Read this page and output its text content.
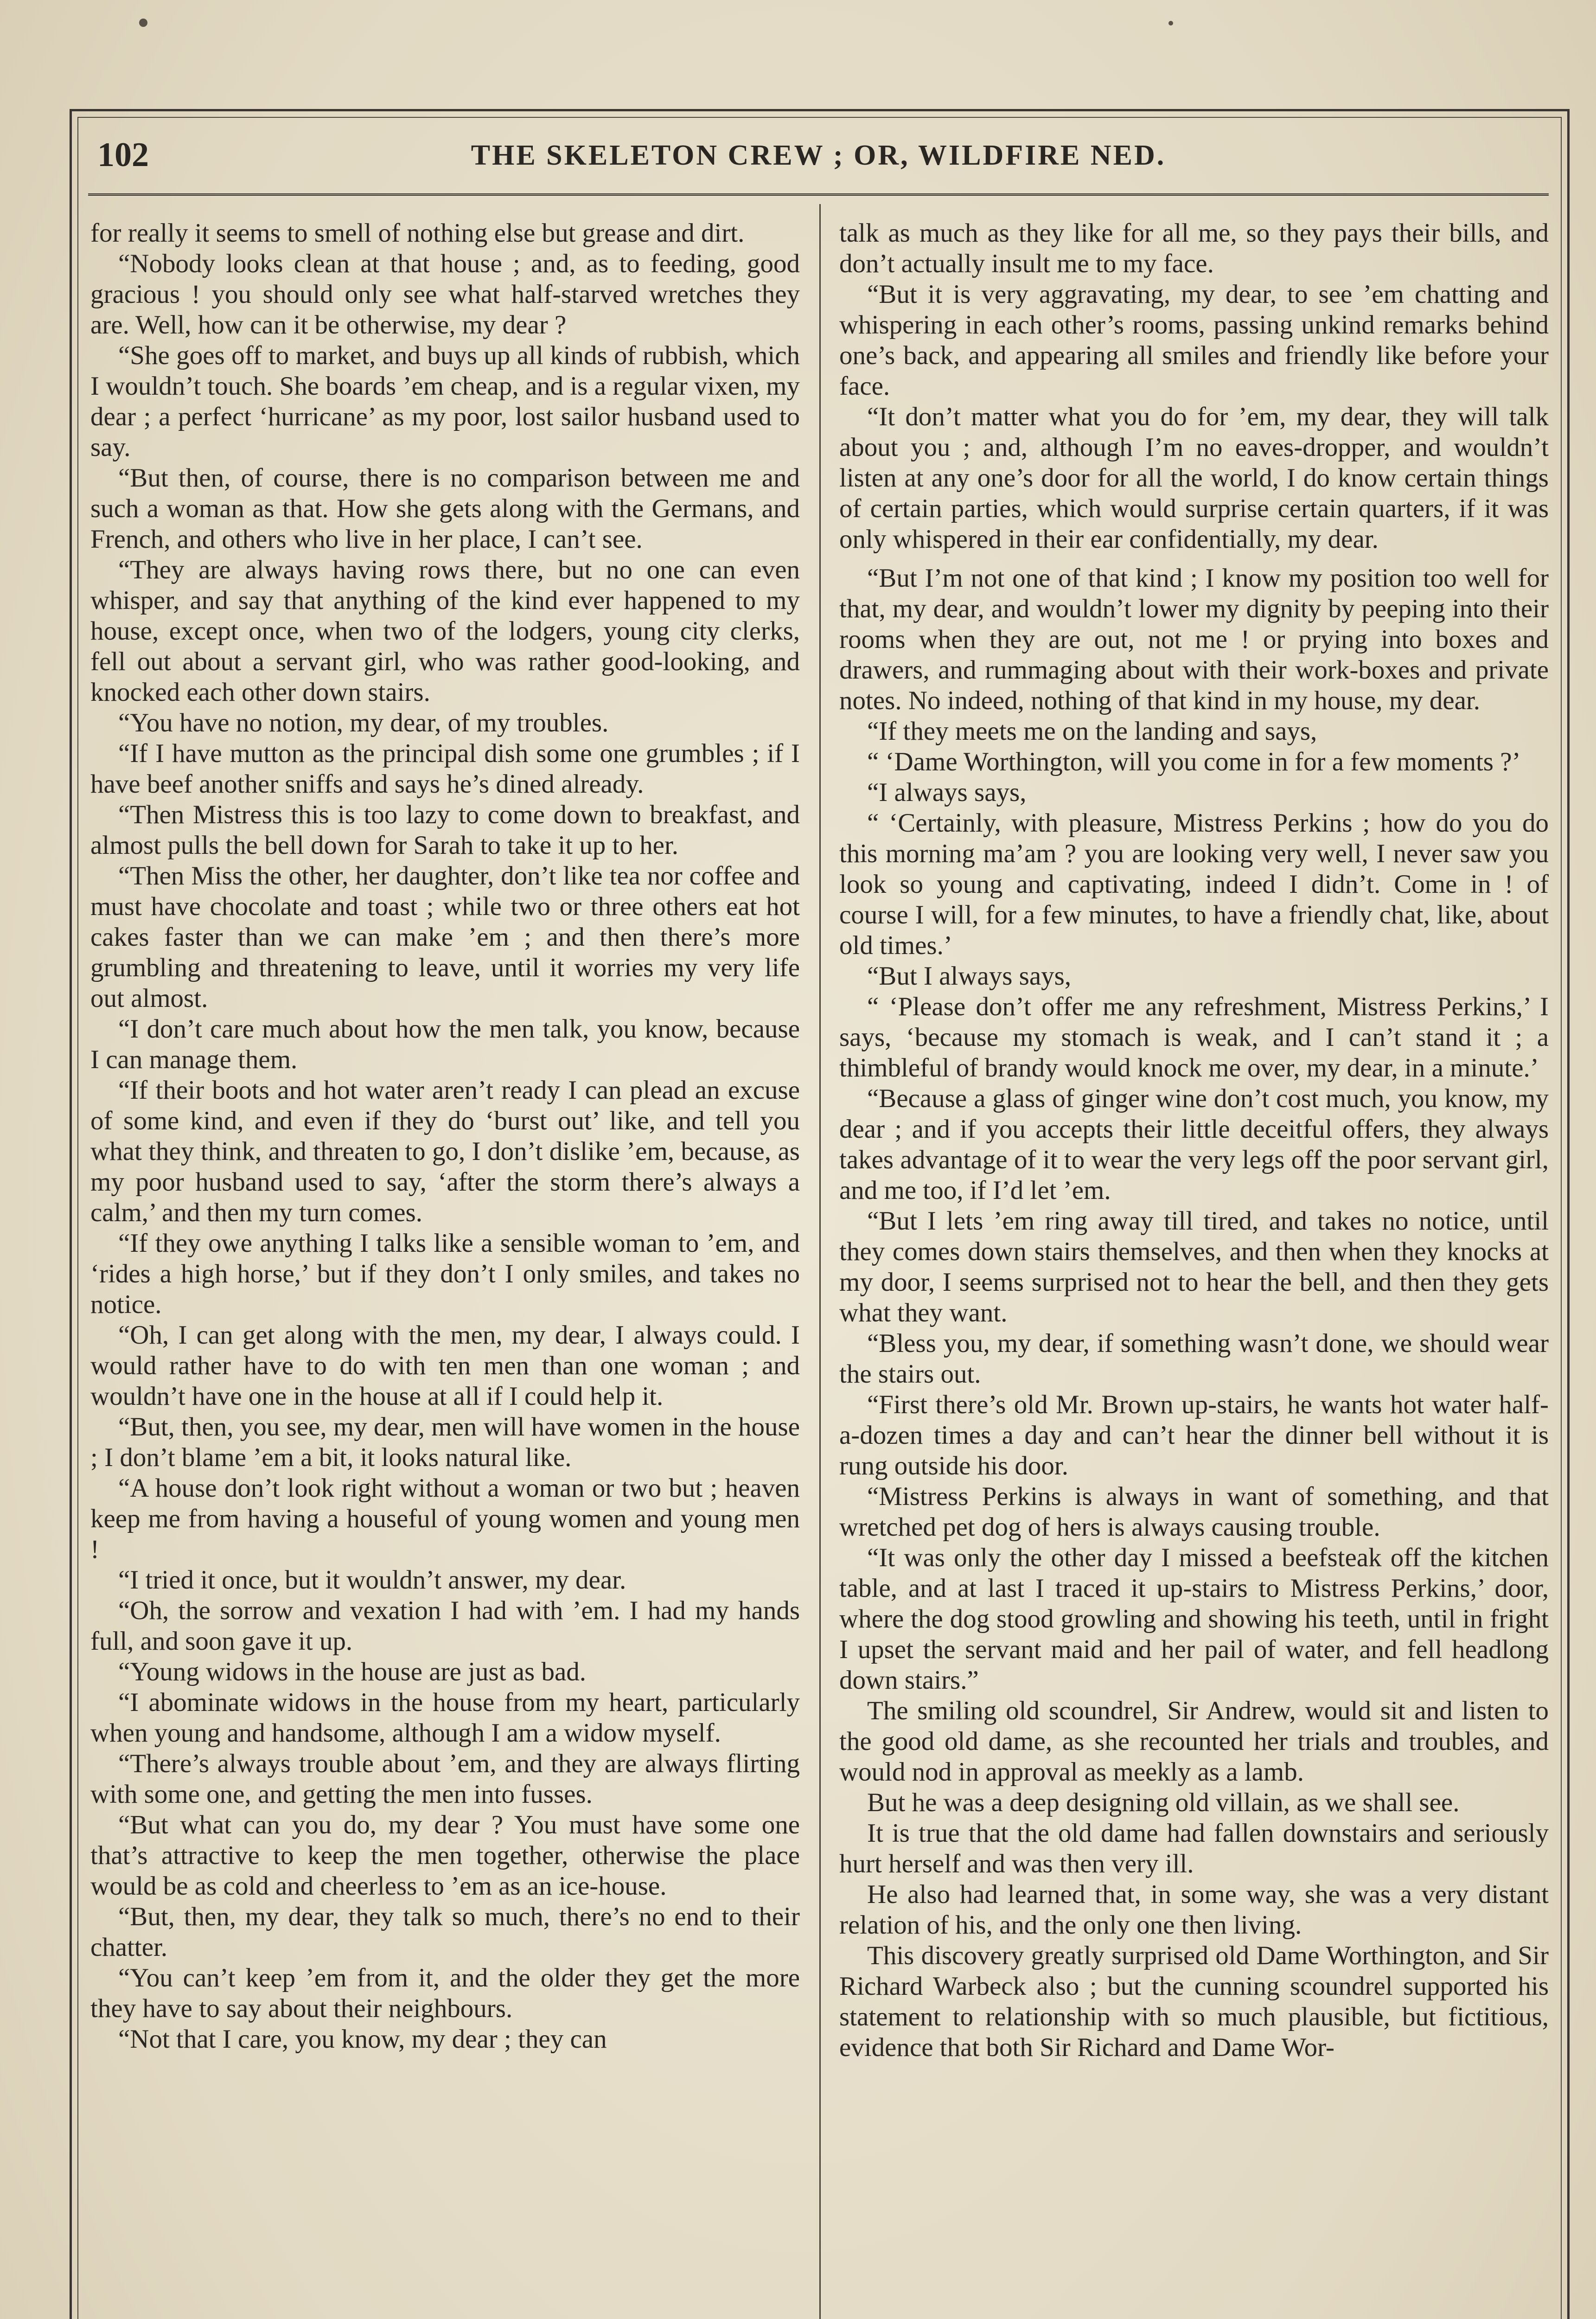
102	THE SKELETON CREW ; OR, WILDFIRE NED.

for really it seems to smell of nothing else but grease and dirt.

“Nobody looks clean at that house ; and, as to feeding, good gracious ! you should only see what half-starved wretches they are. Well, how can it be otherwise, my dear ?

“She goes off to market, and buys up all kinds of rubbish, which I wouldn’t touch. She boards ’em cheap, and is a regular vixen, my dear ; a perfect ‘hurricane’ as my poor, lost sailor husband used to say.

“But then, of course, there is no comparison between me and such a woman as that. How she gets along with the Germans, and French, and others who live in her place, I can’t see.

“They are always having rows there, but no one can even whisper, and say that anything of the kind ever happened to my house, except once, when two of the lodgers, young city clerks, fell out about a servant girl, who was rather good-looking, and knocked each other down stairs.

“You have no notion, my dear, of my troubles.

“If I have mutton as the principal dish some one grumbles ; if I have beef another sniffs and says he’s dined already.

“Then Mistress this is too lazy to come down to breakfast, and almost pulls the bell down for Sarah to take it up to her.

“Then Miss the other, her daughter, don’t like tea nor coffee and must have chocolate and toast ; while two or three others eat hot cakes faster than we can make ’em ; and then there’s more grumbling and threatening to leave, until it worries my very life out almost.

“I don’t care much about how the men talk, you know, because I can manage them.

“If their boots and hot water aren’t ready I can plead an excuse of some kind, and even if they do ‘burst out’ like, and tell you what they think, and threaten to go, I don’t dislike ’em, because, as my poor husband used to say, ‘after the storm there’s always a calm,’ and then my turn comes.

“If they owe anything I talks like a sensible woman to ’em, and ‘rides a high horse,’ but if they don’t I only smiles, and takes no notice.

“Oh, I can get along with the men, my dear, I always could. I would rather have to do with ten men than one woman ; and wouldn’t have one in the house at all if I could help it.

“But, then, you see, my dear, men will have women in the house ; I don’t blame ’em a bit, it looks natural like.

“A house don’t look right without a woman or two but ; heaven keep me from having a houseful of young women and young men !

“I tried it once, but it wouldn’t answer, my dear.

“Oh, the sorrow and vexation I had with ’em. I had my hands full, and soon gave it up.

“Young widows in the house are just as bad.

“I abominate widows in the house from my heart, particularly when young and handsome, although I am a widow myself.

“There’s always trouble about ’em, and they are always flirting with some one, and getting the men into fusses.

“But what can you do, my dear ? You must have some one that’s attractive to keep the men together, otherwise the place would be as cold and cheerless to ’em as an ice-house.

“But, then, my dear, they talk so much, there’s no end to their chatter.

“You can’t keep ’em from it, and the older they get the more they have to say about their neighbours.

“Not that I care, you know, my dear ; they can

talk as much as they like for all me, so they pays their bills, and don’t actually insult me to my face.

“But it is very aggravating, my dear, to see ’em chatting and whispering in each other’s rooms, passing unkind remarks behind one’s back, and appearing all smiles and friendly like before your face.

“It don’t matter what you do for ’em, my dear, they will talk about you ; and, although I’m no eaves-dropper, and wouldn’t listen at any one’s door for all the world, I do know certain things of certain parties, which would surprise certain quarters, if it was only whispered in their ear confidentially, my dear.

“But I’m not one of that kind ; I know my position too well for that, my dear, and wouldn’t lower my dignity by peeping into their rooms when they are out, not me ! or prying into boxes and drawers, and rummaging about with their work-boxes and private notes. No indeed, nothing of that kind in my house, my dear.

“If they meets me on the landing and says,

“ ‘Dame Worthington, will you come in for a few moments ?’

“I always says,

“ ‘Certainly, with pleasure, Mistress Perkins ; how do you do this morning ma’am ? you are looking very well, I never saw you look so young and captivating, indeed I didn’t. Come in ! of course I will, for a few minutes, to have a friendly chat, like, about old times.’

“But I always says,

“ ‘Please don’t offer me any refreshment, Mistress Perkins,’ I says, ‘because my stomach is weak, and I can’t stand it ; a thimbleful of brandy would knock me over, my dear, in a minute.’

“Because a glass of ginger wine don’t cost much, you know, my dear ; and if you accepts their little deceitful offers, they always takes advantage of it to wear the very legs off the poor servant girl, and me too, if I’d let ’em.

“But I lets ’em ring away till tired, and takes no notice, until they comes down stairs themselves, and then when they knocks at my door, I seems surprised not to hear the bell, and then they gets what they want.

“Bless you, my dear, if something wasn’t done, we should wear the stairs out.

“First there’s old Mr. Brown up-stairs, he wants hot water half-a-dozen times a day and can’t hear the dinner bell without it is rung outside his door.

“Mistress Perkins is always in want of something, and that wretched pet dog of hers is always causing trouble.

“It was only the other day I missed a beefsteak off the kitchen table, and at last I traced it up-stairs to Mistress Perkins,’ door, where the dog stood growling and showing his teeth, until in fright I upset the servant maid and her pail of water, and fell headlong down stairs.”

The smiling old scoundrel, Sir Andrew, would sit and listen to the good old dame, as she recounted her trials and troubles, and would nod in approval as meekly as a lamb.

But he was a deep designing old villain, as we shall see.

It is true that the old dame had fallen downstairs and seriously hurt herself and was then very ill.

He also had learned that, in some way, she was a very distant relation of his, and the only one then living.

This discovery greatly surprised old Dame Worthington, and Sir Richard Warbeck also ; but the cunning scoundrel supported his statement to relationship with so much plausible, but fictitious, evidence that both Sir Richard and Dame Wor-
